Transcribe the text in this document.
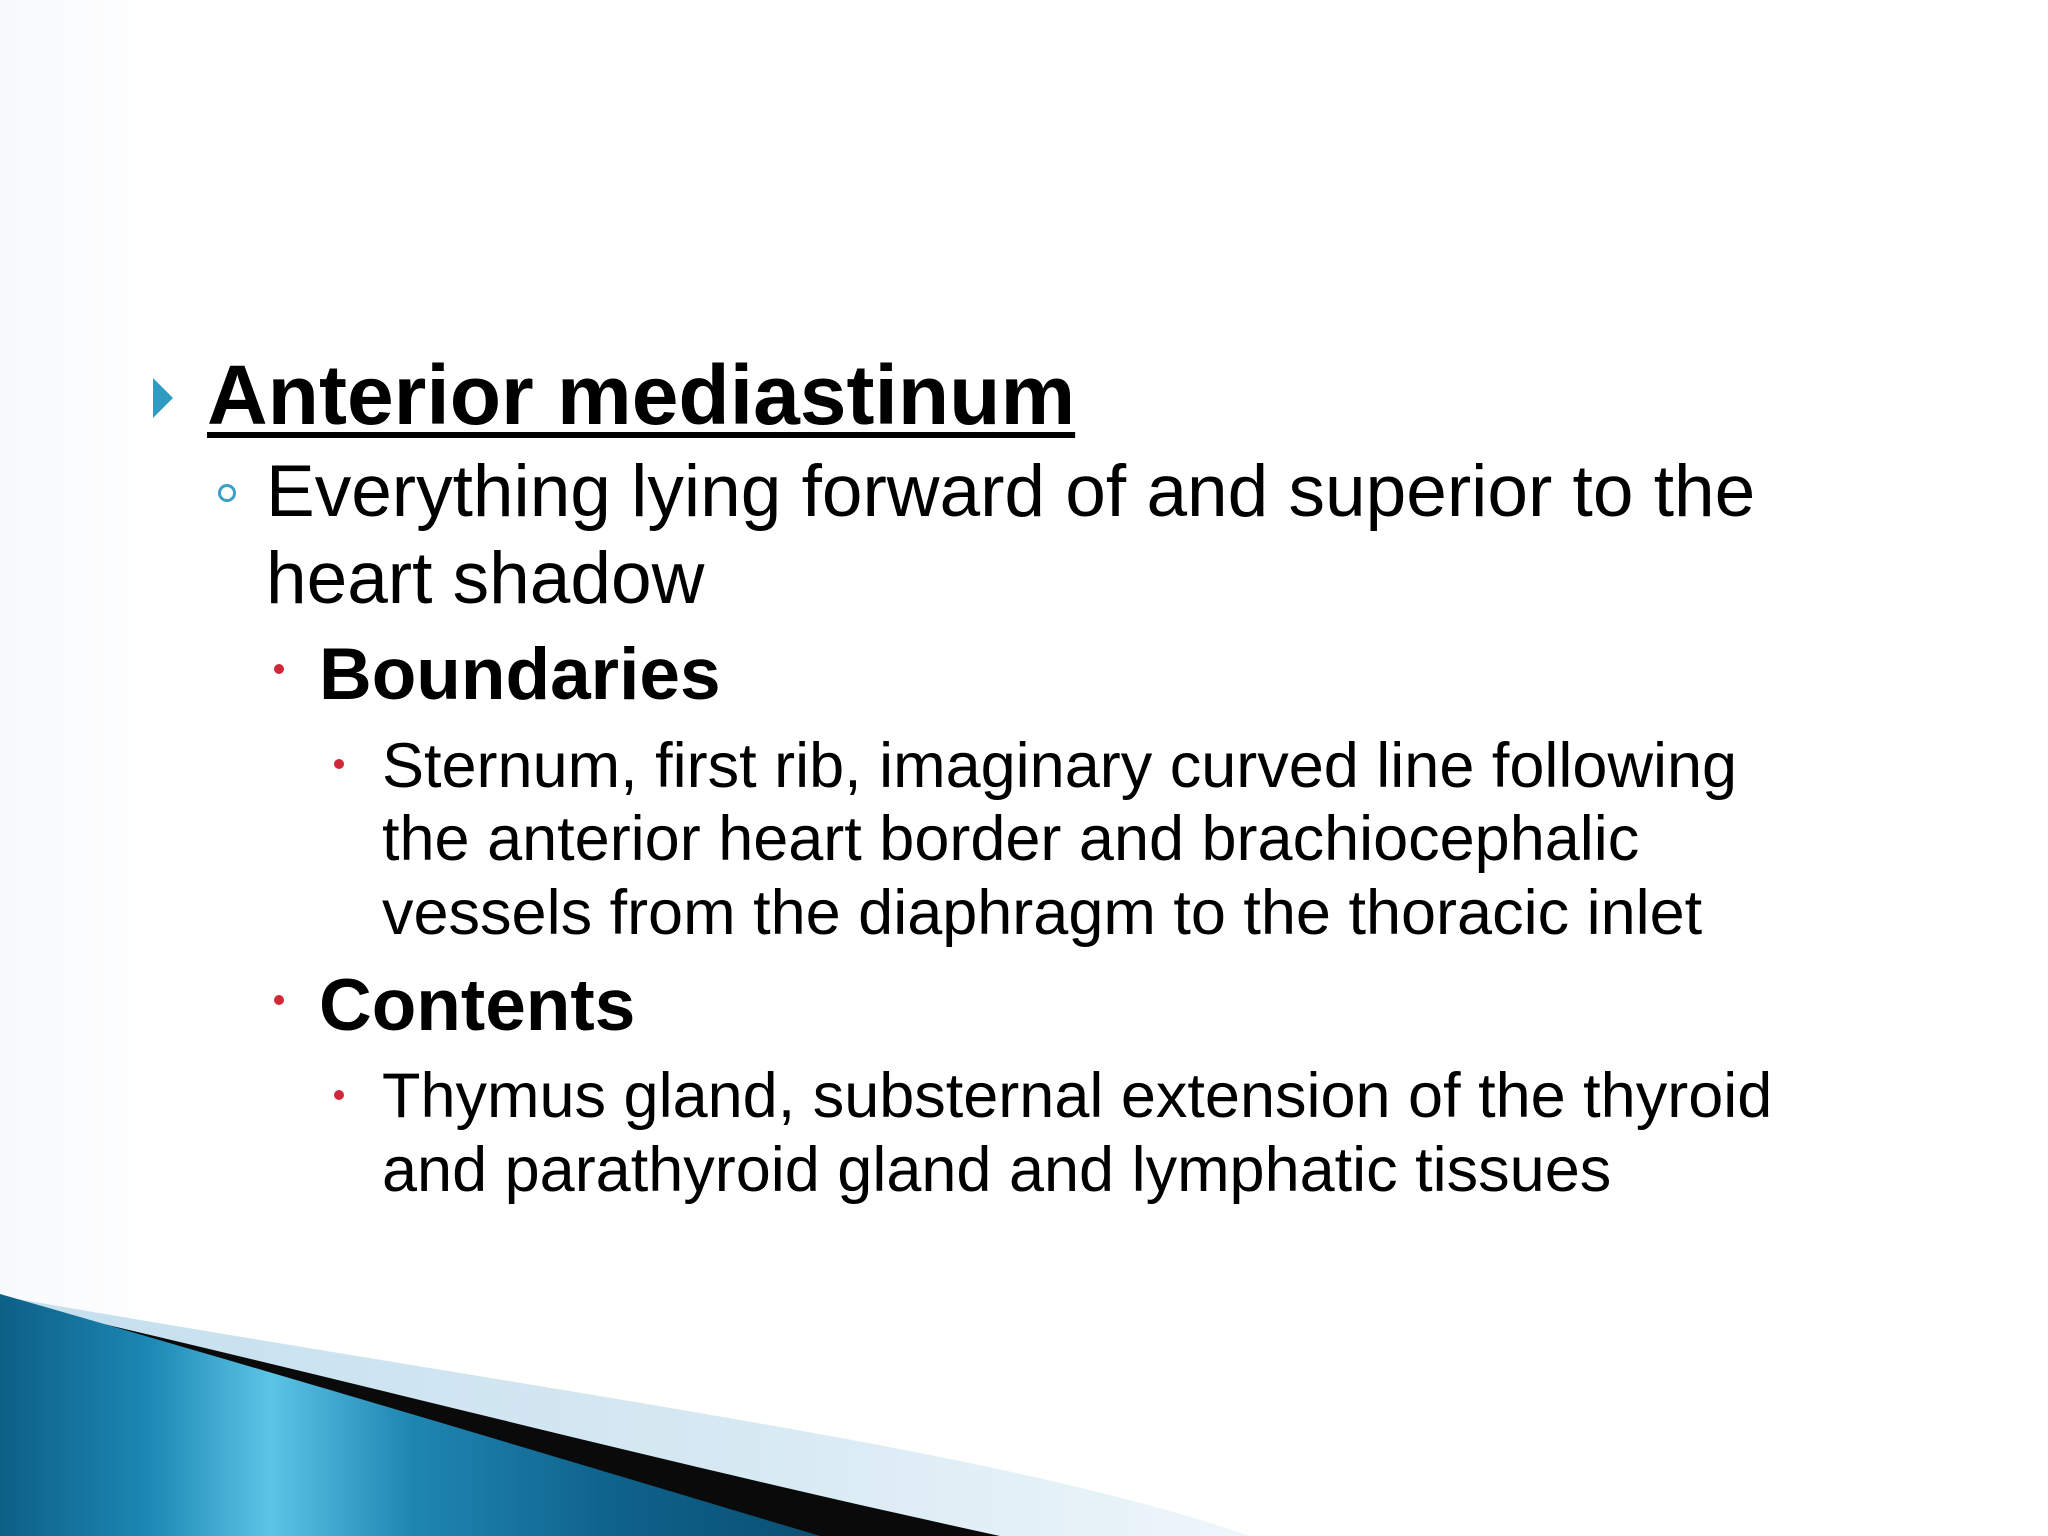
Anterior mediastinum
Everything lying forward of and superior to the
heart shadow
Boundaries
Sternum, first rib, imaginary curved line following
the anterior heart border and brachiocephalic
vessels from the diaphragm to the thoracic inlet
Contents
Thymus gland, substernal extension of the thyroid
and parathyroid gland and lymphatic tissues
